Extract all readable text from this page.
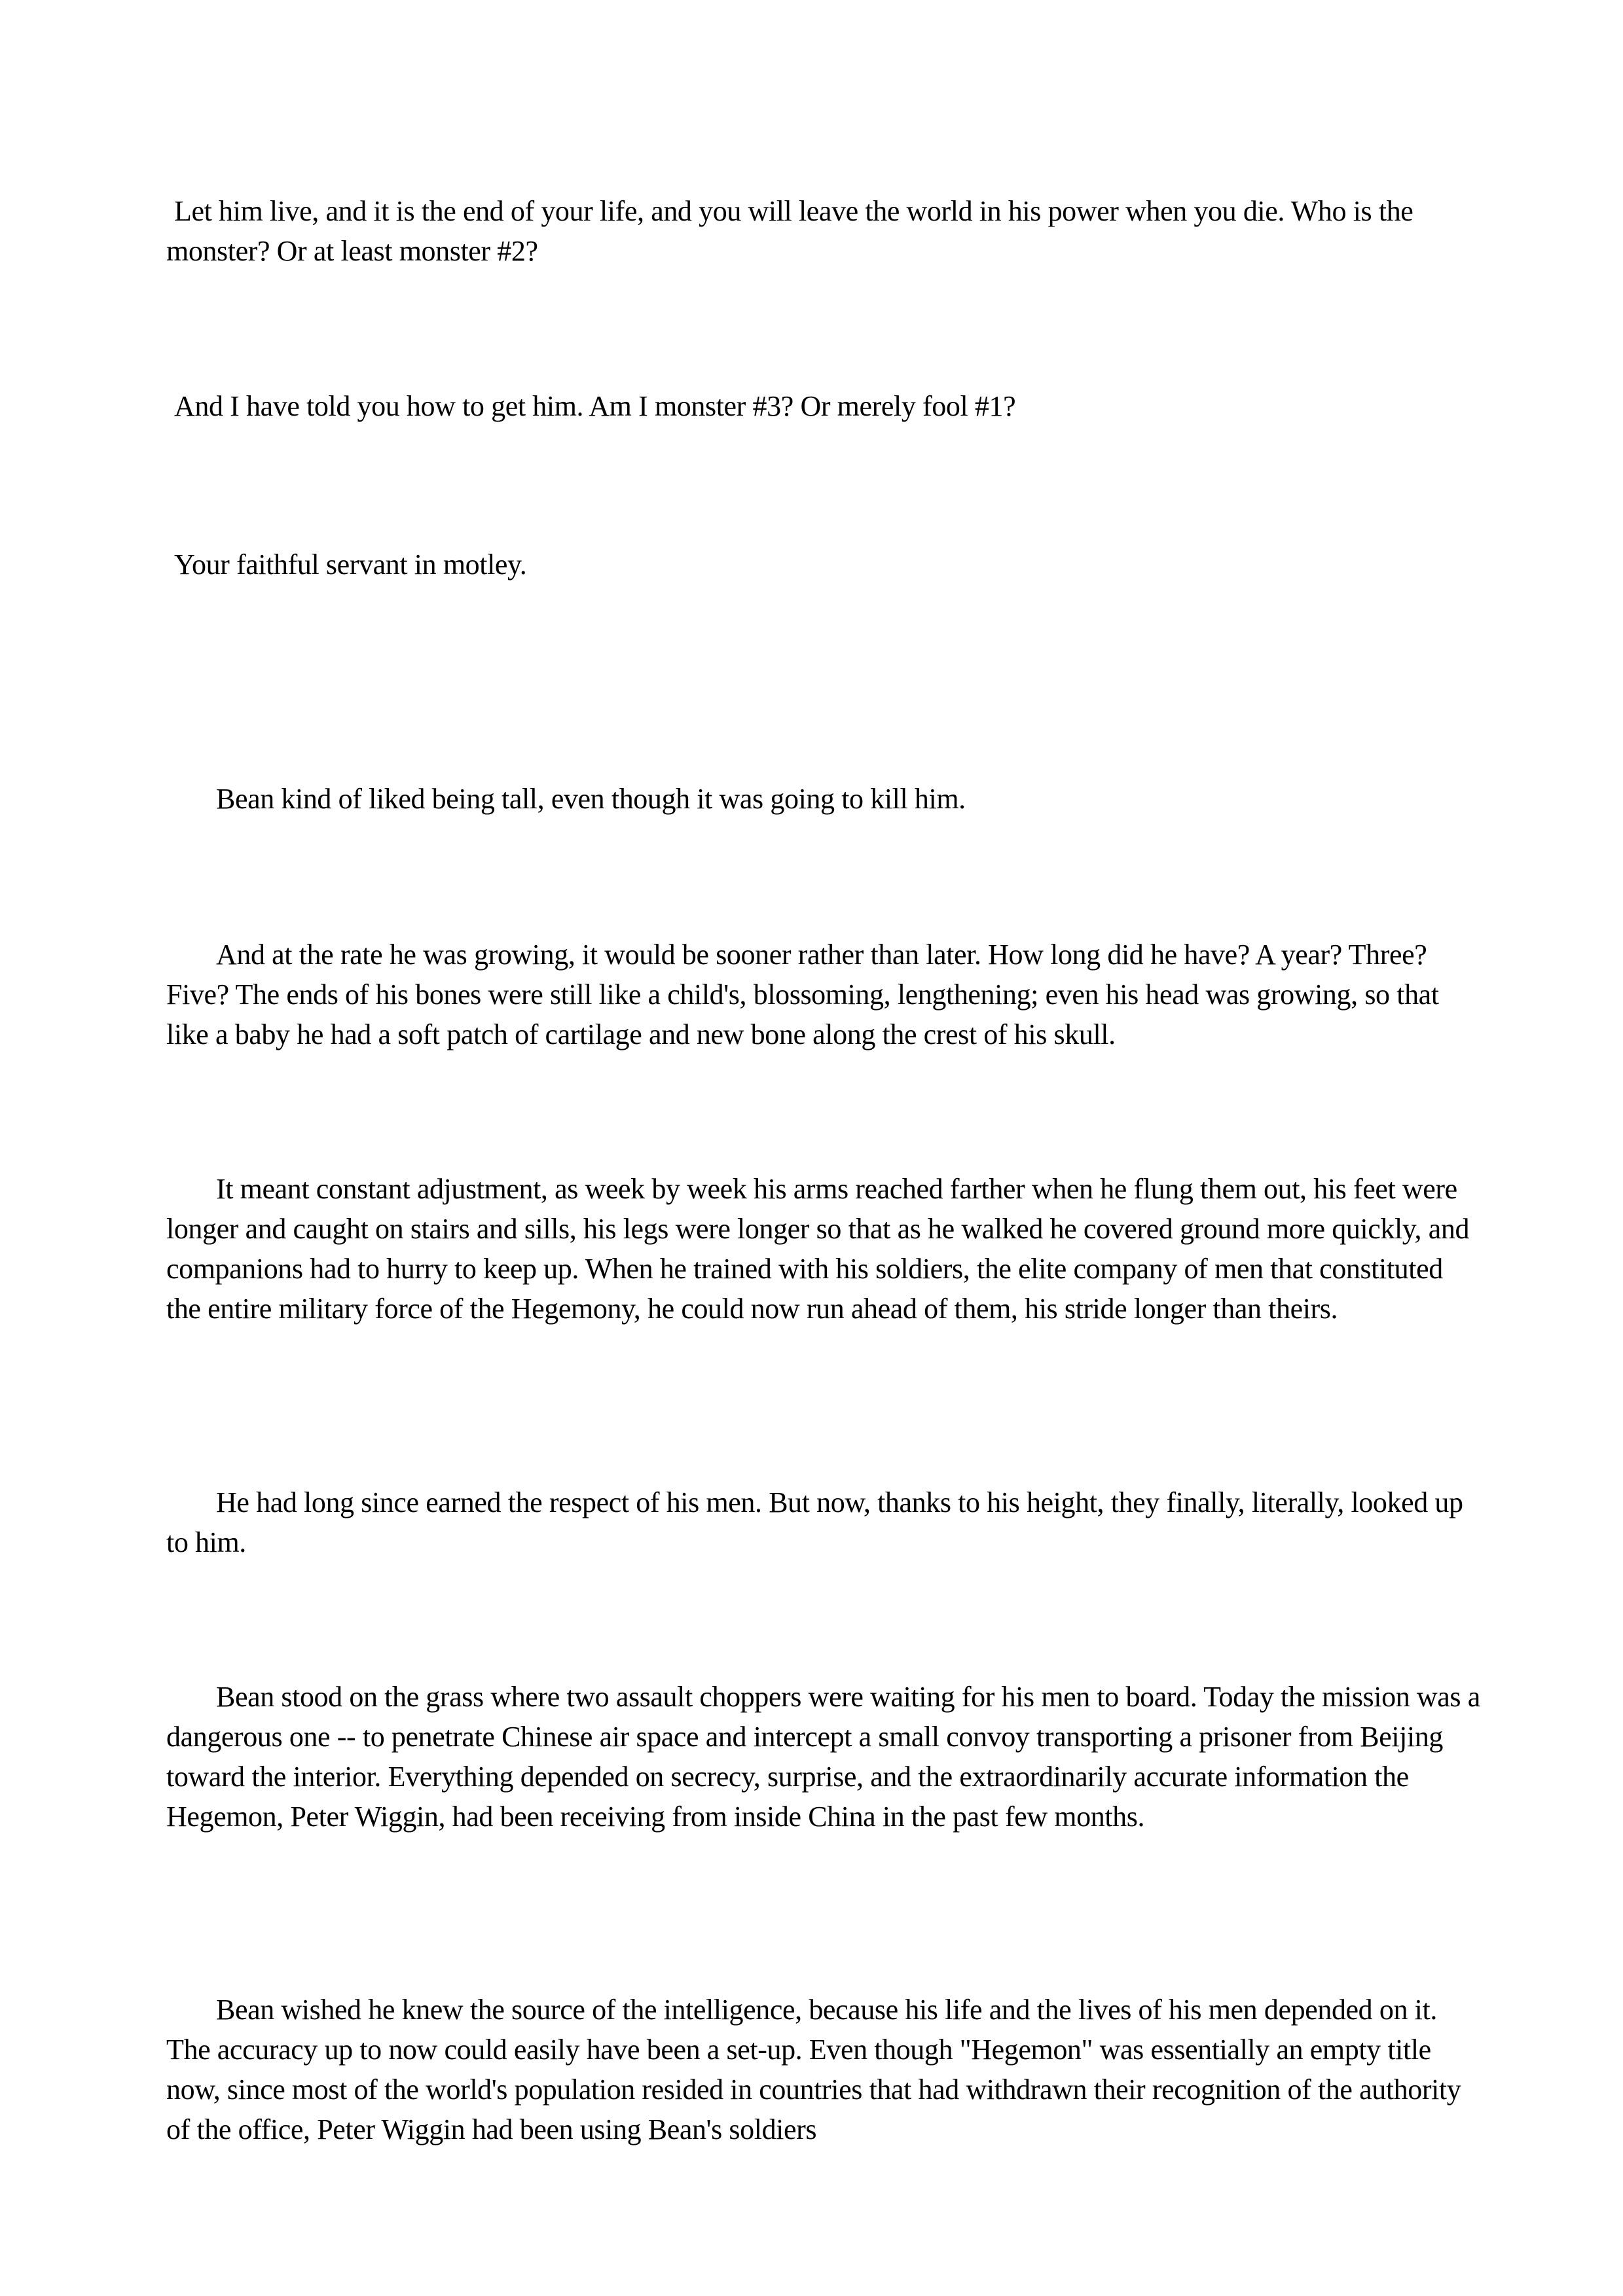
Let him live, and it is the end of your life, and you will leave the world in his power when you die. Who is the monster? Or at least monster #2?

And I have told you how to get him. Am I monster #3? Or merely fool #1?

Your faithful servant in motley.

Bean kind of liked being tall, even though it was going to kill him.

And at the rate he was growing, it would be sooner rather than later. How long did he have? A year? Three? Five? The ends of his bones were still like a child's, blossoming, lengthening; even his head was growing, so that like a baby he had a soft patch of cartilage and new bone along the crest of his skull.

It meant constant adjustment, as week by week his arms reached farther when he flung them out, his feet were longer and caught on stairs and sills, his legs were longer so that as he walked he covered ground more quickly, and companions had to hurry to keep up. When he trained with his soldiers, the elite company of men that constituted the entire military force of the Hegemony, he could now run ahead of them, his stride longer than theirs.

He had long since earned the respect of his men. But now, thanks to his height, they finally, literally, looked up to him.

Bean stood on the grass where two assault choppers were waiting for his men to board. Today the mission was a dangerous one -- to penetrate Chinese air space and intercept a small convoy transporting a prisoner from Beijing toward the interior. Everything depended on secrecy, surprise, and the extraordinarily accurate information the Hegemon, Peter Wiggin, had been receiving from inside China in the past few months.

Bean wished he knew the source of the intelligence, because his life and the lives of his men depended on it. The accuracy up to now could easily have been a set-up. Even though "Hegemon" was essentially an empty title now, since most of the world's population resided in countries that had withdrawn their recognition of the authority of the office, Peter Wiggin had been using Bean's soldiers
